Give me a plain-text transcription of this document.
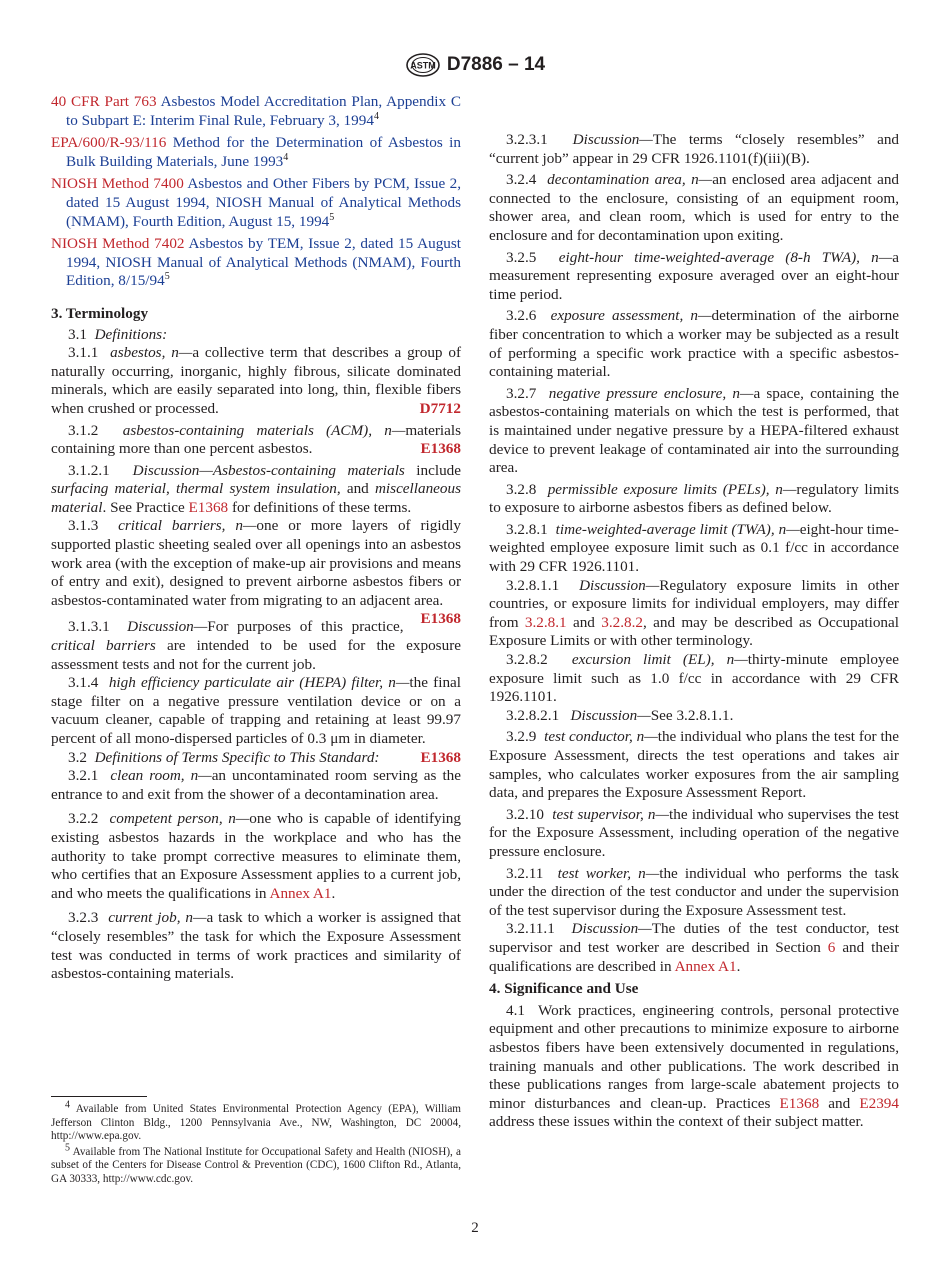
ASTM D7886 – 14

40 CFR Part 763 Asbestos Model Accreditation Plan, Appendix C to Subpart E: Interim Final Rule, February 3, 1994$^4$

EPA/600/R-93/116 Method for the Determination of Asbestos in Bulk Building Materials, June 1993$^4$

NIOSH Method 7400 Asbestos and Other Fibers by PCM, Issue 2, dated 15 August 1994, NIOSH Manual of Analytical Methods (NMAM), Fourth Edition, August 15, 1994$^5$

NIOSH Method 7402 Asbestos by TEM, Issue 2, dated 15 August 1994, NIOSH Manual of Analytical Methods (NMAM), Fourth Edition, $8/15/94^5$

3. Terminology

3.1 Definitions:

3.1.1 asbestos, n—a collective term that describes a group of naturally occurring, inorganic, highly fibrous, silicate dominated minerals, which are easily separated into long, thin, flexible fibers when crushed or processed.	D7712

3.1.2 asbestos-containing materials (ACM), n—materials containing more than one percent asbestos.	E1368

3.1.2.1 Discussion—Asbestos-containing materials include surfacing material, thermal system insulation, and miscellaneous material. See Practice E1368 for definitions of these terms.

3.1.3 critical barriers, n—one or more layers of rigidly supported plastic sheeting sealed over all openings into an asbestos work area (with the exception of make-up air provisions and means of entry and exit), designed to prevent airborne asbestos fibers or asbestos-contaminated water from migrating to an adjacent area.
E1368

3.1.3.1 Discussion—For purposes of this practice, critical barriers are intended to be used for the exposure assessment tests and not for the current job.

3.1.4 high efficiency particulate air (HEPA) filter, n—the final stage filter on a negative pressure ventilation device or on a vacuum cleaner, capable of trapping and retaining at least 99.97 percent of all mono-dispersed particles of 0.3 μm in diameter.
E1368

3.2 Definitions of Terms Specific to This Standard:

3.2.1 clean room, n—an uncontaminated room serving as the entrance to and exit from the shower of a decontamination area.

3.2.2 competent person, n—one who is capable of identifying existing asbestos hazards in the workplace and who has the authority to take prompt corrective measures to eliminate them, who certifies that an Exposure Assessment applies to a current job, and who meets the qualifications in Annex A1.

3.2.3 current job, n—a task to which a worker is assigned that “closely resembles” the task for which the Exposure Assessment test was conducted in terms of work practices and similarity of asbestos-containing materials.

3.2.3.1 Discussion—The terms “closely resembles” and “current job” appear in 29 CFR 1926.1101(f)(iii)(B).

3.2.4 decontamination area, n—an enclosed area adjacent and connected to the enclosure, consisting of an equipment room, shower area, and clean room, which is used for entry to the enclosure and for decontamination upon exiting.

3.2.5 eight-hour time-weighted-average (8-h TWA), n—a measurement representing exposure averaged over an eight-hour time period.

3.2.6 exposure assessment, n—determination of the airborne fiber concentration to which a worker may be subjected as a result of performing a specific work practice with a specific asbestos-containing material.

3.2.7 negative pressure enclosure, n—a space, containing the asbestos-containing materials on which the test is performed, that is maintained under negative pressure by a HEPA-filtered exhaust device to prevent leakage of contaminated air into the surrounding area.

3.2.8 permissible exposure limits (PELs), n—regulatory limits to exposure to airborne asbestos fibers as defined below.

3.2.8.1 time-weighted-average limit (TWA), n—eight-hour time-weighted employee exposure limit such as 0.1 f/cc in accordance with 29 CFR 1926.1101.

3.2.8.1.1 Discussion—Regulatory exposure limits in other countries, or exposure limits for individual employers, may differ from 3.2.8.1 and 3.2.8.2, and may be described as Occupational Exposure Limits or with other terminology.

3.2.8.2 excursion limit (EL), n—thirty-minute employee exposure limit such as 1.0 f/cc in accordance with 29 CFR 1926.1101.

3.2.8.2.1 Discussion—See 3.2.8.1.1.

3.2.9 test conductor, n—the individual who plans the test for the Exposure Assessment, directs the test operations and takes air samples, who calculates worker exposures from the air sampling data, and prepares the Exposure Assessment Report.

3.2.10 test supervisor, n—the individual who supervises the test for the Exposure Assessment, including operation of the negative pressure enclosure.

3.2.11 test worker, n—the individual who performs the task under the direction of the test conductor and under the supervision of the test supervisor during the Exposure Assessment test.

3.2.11.1 Discussion—The duties of the test conductor, test supervisor and test worker are described in Section 6 and their qualifications are described in Annex A1.

4. Significance and Use

4.1 Work practices, engineering controls, personal protective equipment and other precautions to minimize exposure to airborne asbestos fibers have been extensively documented in regulations, training manuals and other publications. The work described in these publications ranges from large-scale abatement projects to minor disturbances and clean-up. Practices E1368 and E2394 address these issues within the context of their subject matter.

$^4$ Available from United States Environmental Protection Agency (EPA), William Jefferson Clinton Bldg., 1200 Pennsylvania Ave., NW, Washington, DC 20004, http://www.epa.gov.

$^5$ Available from The National Institute for Occupational Safety and Health (NIOSH), a subset of the Centers for Disease Control & Prevention (CDC), 1600 Clifton Rd., Atlanta, GA 30333, http://www.cdc.gov.

2
